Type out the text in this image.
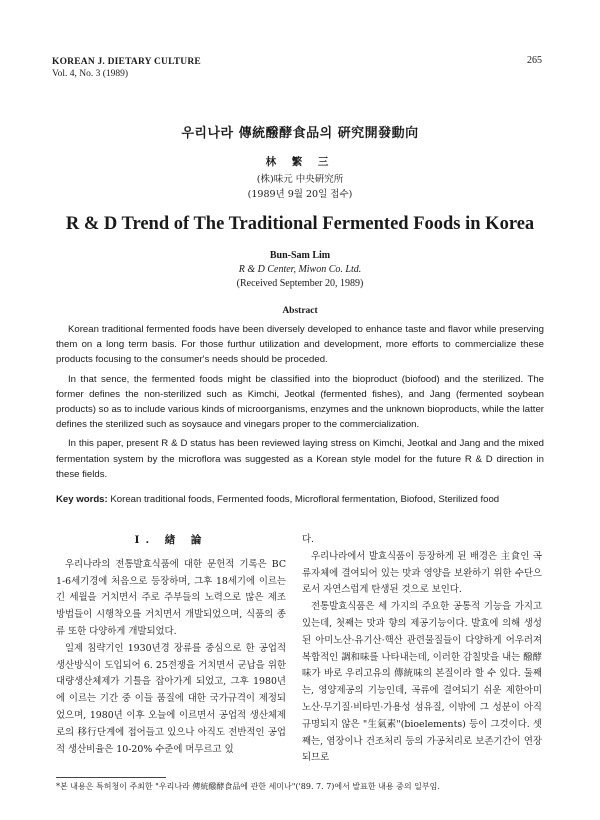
KOREAN J. DIETARY CULTURE
Vol. 4, No. 3 (1989)
265
우리나라 傳統醱酵食品의 硏究開發動向
林 繁 三
(株)味元 中央硏究所
(1989년 9월 20일 접수)
R & D Trend of The Traditional Fermented Foods in Korea
Bun-Sam Lim
R & D Center, Miwon Co. Ltd.
(Received September 20, 1989)
Abstract

Korean traditional fermented foods have been diversely developed to enhance taste and flavor while preserving them on a long term basis. For those furthur utilization and development, more efforts to commercialize these products focusing to the consumer's needs should be proceded.

In that sence, the fermented foods might be classified into the bioproduct (biofood) and the sterilized. The former defines the non-sterilized such as Kimchi, Jeotkal (fermented fishes), and Jang (fermented soybean products) so as to include various kinds of microorganisms, enzymes and the unknown bioproducts, while the latter defines the sterilized such as soysauce and vinegars proper to the commercialization.

In this paper, present R & D status has been reviewed laying stress on Kimchi, Jeotkal and Jang and the mixed fermentation system by the microflora was suggested as a Korean style model for the future R & D direction in these fields.

Key words: Korean traditional foods, Fermented foods, Microfloral fermentation, Biofood, Sterilized food
Ⅰ. 緖 論

우리나라의 전통발효식품에 대한 문헌적 기록은 BC 1-6세기경에 처음으로 등장하며, 그후 18세기에 이르는 긴 세월을 거치면서 주로 주부들의 노력으로 많은 제조 방법들이 시행착오를 거치면서 개발되었으며, 식품의 종류 또한 다양하게 개발되었다.

일제 침략기인 1930년경 장류를 중심으로 한 공업적 생산방식이 도입되어 6. 25전쟁을 거치면서 군납을 위한 대량생산체제가 기틀을 잡아가게 되었고, 그후 1980년에 이르는 기간 중 이들 품질에 대한 국가규격이 제정되었으며, 1980년 이후 오늘에 이르면서 공업적 생산체제로의 移行단계에 접어들고 있으나 아직도 전반적인 공업적 생산비율은 10-20% 수준에 머무르고 있

다.

우리나라에서 발효식품이 등장하게 된 배경은 主食인 곡류자체에 결여되어 있는 맛과 영양을 보완하기 위한 수단으로서 자연스럽게 탄생된 것으로 보인다.

전통발효식품은 세 가지의 주요한 공통적 기능을 가지고 있는데, 첫째는 맛과 향의 제공기능이다. 발효에 의해 생성된 아미노산·유기산·핵산 관련물질들이 다양하게 어우러져 복합적인 調和味를 나타내는데, 이러한 감칠맛을 내는 醱酵味가 바로 우리고유의 傳統味의 본질이라 할 수 있다. 둘째는, 영양제공의 기능인데, 곡류에 결여되기 쉬운 제한아미노산·무기질·비타민·가용성 섬유질, 이밖에 그 성분이 아직 규명되지 않은 "生氣素"(bioelements) 등이 그것이다. 셋째는, 염장이나 건조처리 등의 가공처리로 보존기간이 연장되므로

*본 내용은 특허청이 주최한 "우리나라 傳統醱酵食品에 관한 세미나"('89. 7. 7)에서 발표한 내용 중의 일부임.
